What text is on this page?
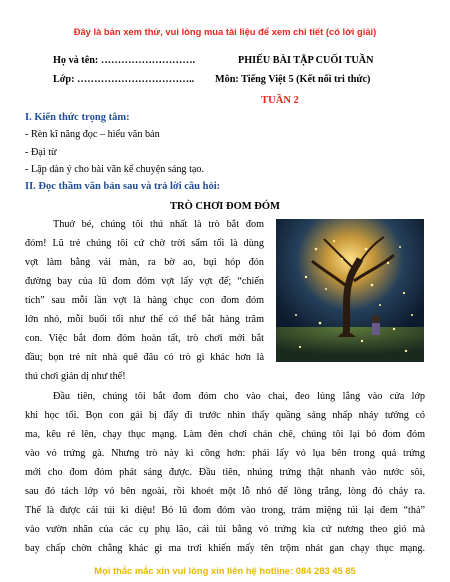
Đây là bản xem thử, vui lòng mua tài liệu để xem chi tiết (có lời giải)
Họ và tên: ……………………….
Lớp: ……………………………..
PHIẾU BÀI TẬP CUỐI TUẦN
Môn: Tiếng Việt 5 (Kết nối tri thức)
TUẦN 2
I. Kiến thức trọng tâm:
- Rèn kĩ năng đọc – hiểu văn bản
- Đại từ
- Lập dàn ý cho bài văn kể chuyện sáng tạo.
II. Đọc thầm văn bản sau và trả lời câu hỏi:
TRÒ CHƠI ĐOM ĐÓM
Thuở bé, chúng tôi thú nhất là trò bắt đom
đóm! Lũ trẻ chúng tôi cứ chờ trời sẩm tối là dùng
vợt làm bằng vải màn, ra bờ ao, bụi hóp đón
đường bay của lũ đom đóm vợt lấy vợt để; “chiến
tích” sau mỗi lần vợt là hàng chục con đom đóm
lớn nhỏ, mỗi buổi tối như thế có thể bắt hàng trăm
con. Việc bắt đom đóm hoàn tất, trò chơi mới bắt
đầu; bọn trẻ nít nhà quê đâu có trò gì khác hơn là
thú chơi giản dị như thế!
Đầu tiên, chúng tôi bắt đom đóm cho vào chai, đeo lủng lẳng vào cửa lớp
khi học tối. Bọn con gái bị đẩy đi trước nhìn thấy quầng sáng nhấp nháy tưởng có
ma, kêu ré lên, chạy thục mạng. Làm đèn chơi chán chê, chúng tôi lại bỏ đom đóm
vào vỏ trứng gà. Nhưng trò này kì công hơn: phải lấy vỏ lụa bên trong quả trứng
mới cho đom đóm phát sáng được. Đầu tiên, nhúng trứng thật nhanh vào nước sôi,
sau đó tách lớp vỏ bên ngoài, rồi khoét một lỗ nhỏ để lòng trắng, lòng đỏ chảy ra.
Thế là được cái túi kì diệu! Bỏ lũ đom đóm vào trong, trám miệng túi lại đem “thả”
vào vườn nhãn của các cụ phụ lão, cái túi bằng vỏ trứng kia cứ nương theo gió mà
bay chấp chờn chẳng khác gì ma trơi khiến mấy tên trộm nhát gan chạy thục mạng.
Mọi thắc mắc xin vui lòng xin liên hệ hotline: 084 283 45 85
